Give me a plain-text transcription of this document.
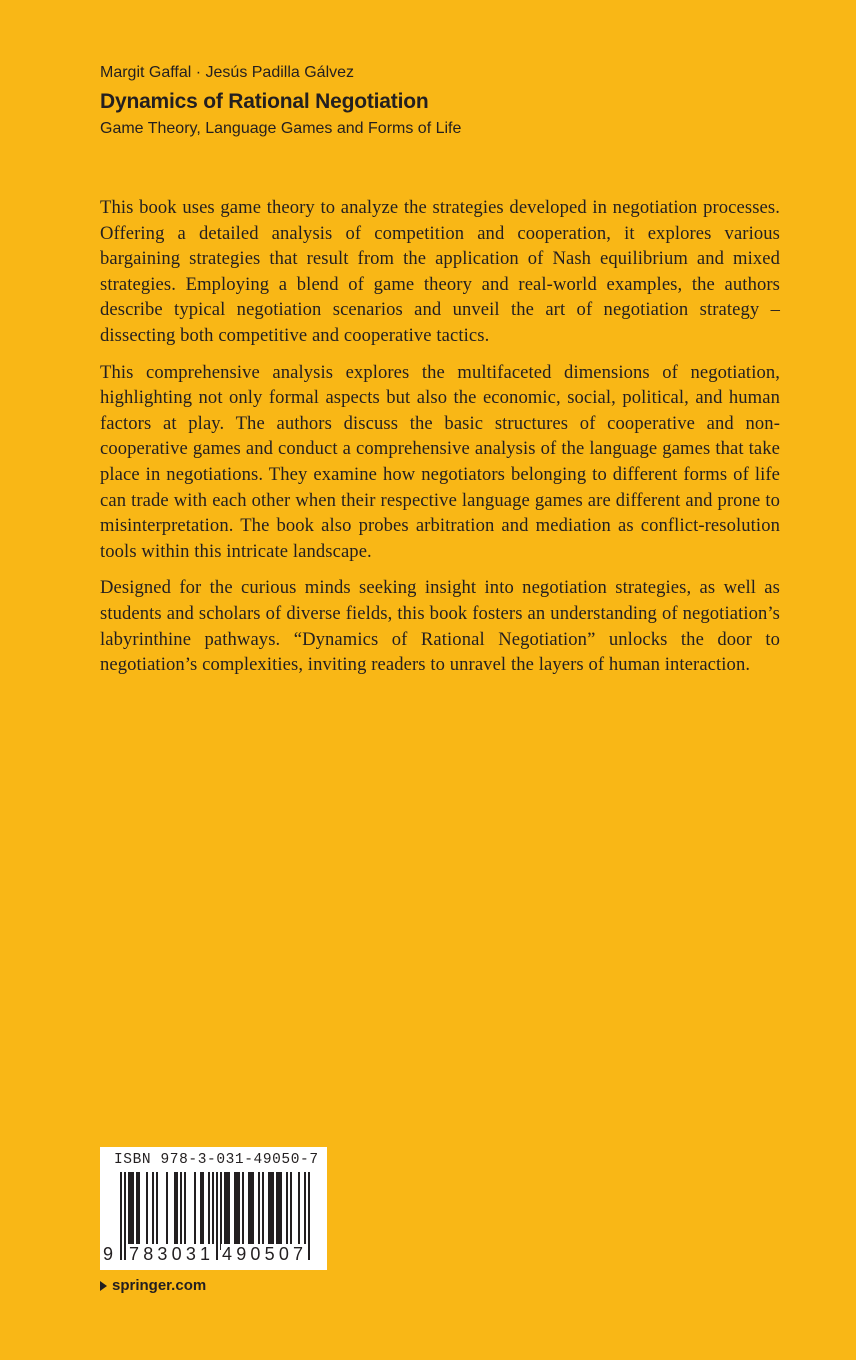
Margit Gaffal · Jesús Padilla Gálvez

Dynamics of Rational Negotiation

Game Theory, Language Games and Forms of Life

This book uses game theory to analyze the strategies developed in negotiation processes. Offering a detailed analysis of competition and cooperation, it explores various bargaining strategies that result from the application of Nash equilibrium and mixed strategies. Employing a blend of game theory and real-world examples, the authors describe typical negotiation scenarios and unveil the art of negotiation strategy – dissecting both competitive and cooperative tactics.

This comprehensive analysis explores the multifaceted dimensions of negotiation, highlighting not only formal aspects but also the economic, social, political, and human factors at play. The authors discuss the basic structures of cooperative and non-cooperative games and conduct a comprehensive analysis of the language games that take place in negotiations. They examine how negotiators belonging to different forms of life can trade with each other when their respective language games are different and prone to misinterpretation. The book also probes arbitration and mediation as conflict-resolution tools within this intricate landscape.

Designed for the curious minds seeking insight into negotiation strategies, as well as students and scholars of diverse fields, this book fosters an understanding of negotiation’s labyrinthine pathways. “Dynamics of Rational Negotiation” unlocks the door to negotiation’s complexities, inviting readers to unravel the layers of human interaction.

ISBN 978-3-031-49050-7
9 783031 490507
springer.com
